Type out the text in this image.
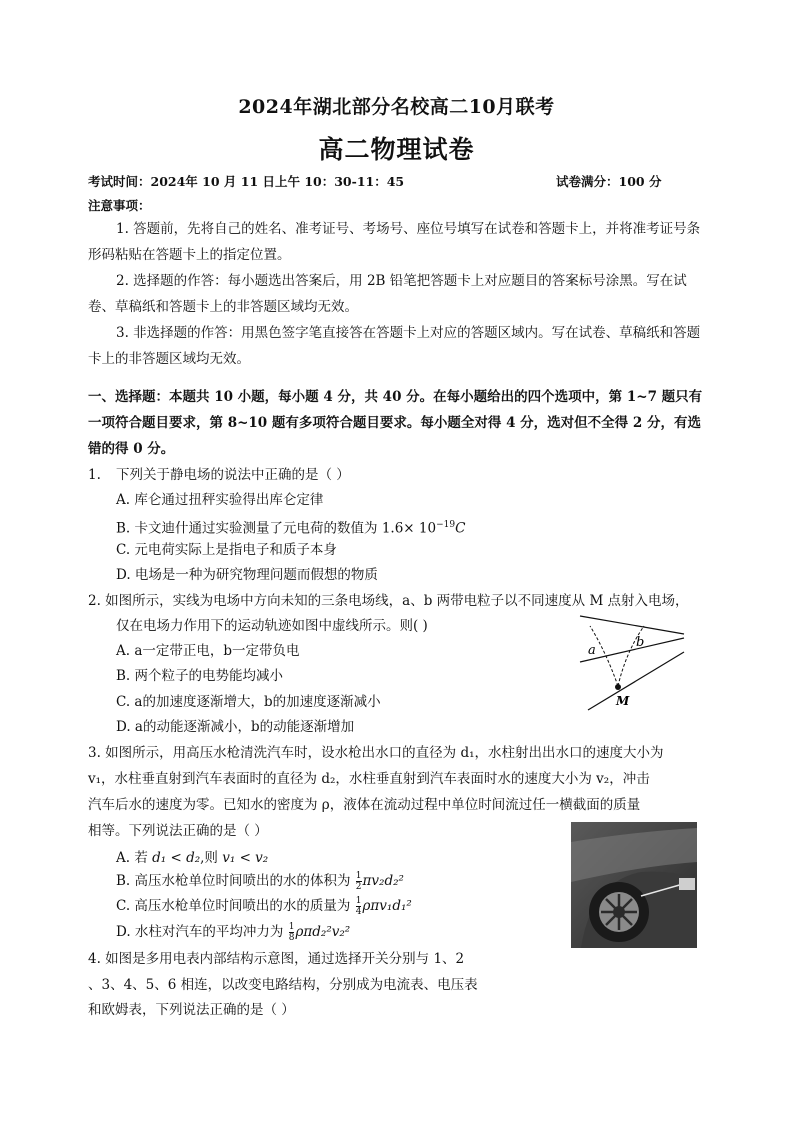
2024年湖北部分名校高二10月联考
高二物理试卷
考试时间：2024年 10 月 11 日上午 10：30-11：45	试卷满分：100 分
注意事项：
1. 答题前，先将自己的姓名、准考证号、考场号、座位号填写在试卷和答题卡上，并将准考证号条形码粘贴在答题卡上的指定位置。
2. 选择题的作答：每小题选出答案后，用 2B 铅笔把答题卡上对应题目的答案标号涂黑。写在试卷、草稿纸和答题卡上的非答题区域均无效。
3. 非选择题的作答：用黑色签字笔直接答在答题卡上对应的答题区域内。写在试卷、草稿纸和答题卡上的非答题区域均无效。
一、选择题：本题共 10 小题，每小题 4 分，共 40 分。在每小题给出的四个选项中，第 1~7 题只有一项符合题目要求，第 8~10 题有多项符合题目要求。每小题全对得 4 分，选对但不全得 2 分，有选错的得 0 分。
1. 下列关于静电场的说法中正确的是（ ）
A. 库仑通过扭秤实验得出库仑定律
B. 卡文迪什通过实验测量了元电荷的数值为 $1.6\times 10^{-19}C$
C. 元电荷实际上是指电子和质子本身
D. 电场是一种为研究物理问题而假想的物质
2. 如图所示，实线为电场中方向未知的三条电场线，a、b 两带电粒子以不同速度从 M 点射入电场，
仅在电场力作用下的运动轨迹如图中虚线所示。则( )
A. a一定带正电，b一定带负电
B. 两个粒子的电势能均减小
C. a的加速度逐渐增大，b的加速度逐渐减小
D. a的动能逐渐减小，b的动能逐渐增加
a
b
M
3. 如图所示，用高压水枪清洗汽车时，设水枪出水口的直径为 d₁，水柱射出出水口的速度大小为
v₁，水柱垂直射到汽车表面时的直径为 d₂，水柱垂直射到汽车表面时水的速度大小为 v₂，冲击
汽车后水的速度为零。已知水的密度为 ρ，液体在流动过程中单位时间流过任一横截面的质量
相等。下列说法正确的是（ ）
A. 若 d₁ < d₂,则 v₁ < v₂
B. 高压水枪单位时间喷出的水的体积为 $\frac{1}{2} \pi v_2d_2^2$
C. 高压水枪单位时间喷出的水的质量为 $\frac{1}{4} \rho\pi v_1d_1^2$
D. 水柱对汽车的平均冲力为 $\frac{1}{8} \rho\pi d_2^2v_2^2$
4. 如图是多用电表内部结构示意图，通过选择开关分别与 1、2
、3、4、5、6 相连，以改变电路结构，分别成为电流表、电压表
和欧姆表，下列说法正确的是（ ）
